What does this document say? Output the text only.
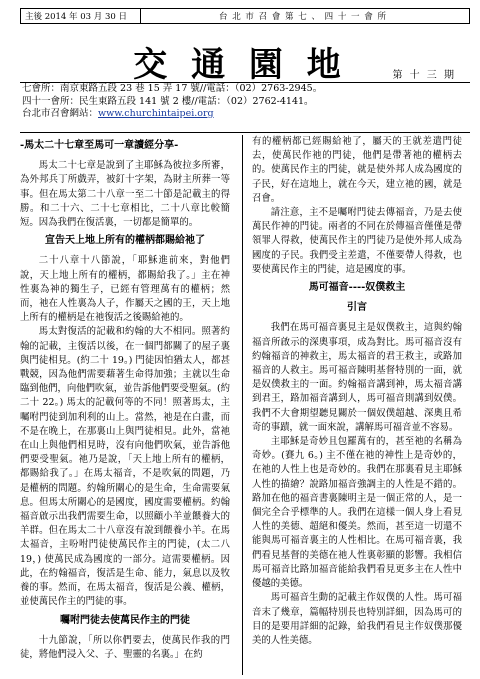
主後 2014 年 03 月 30 日	台 北 市 召 會 第 七 、 四 十 一 會 所
交 通 園 地	第 十 三 期
七會所：南京東路五段 23 巷 15 弄 17 號//電話：（02）2763-2945。
四十一會所：民生東路五段 141 號 2 樓//電話：（02）2762-4141。
台北市召會網站：www.churchintaipei.org
-馬太二十七章至馬可一章讀經分享-

馬太二十七章是說到了主耶穌為彼拉多所審，為外邦兵丁所戲弄，被釘十字架，為財主所葬一等事。但在馬太第二十八章一至二十節是記載主的得勝。和二十六、二十七章相比，二十八章比較簡短。因為我們在復活裏，一切都是簡單的。

宣告天上地上所有的權柄都賜給祂了

二十八章十八節說，「耶穌進前來，對他們說，天上地上所有的權柄，都賜給我了。」主在神性裏為神的獨生子，已經有管理萬有的權柄；然而，祂在人性裏為人子，作屬天之國的王，天上地上所有的權柄是在祂復活之後賜給祂的。

馬太對復活的記載和約翰的大不相同。照著約翰的記載，主復活以後，在一個門都關了的屋子裏與門徒相見。(約二十 19。) 門徒因怕猶太人，都甚戰競，因為他們需要藉著生命得加強；主就以生命臨到他們，向他們吹氣，並告訴他們要受聖氣。(約二十 22。) 馬太的記載何等的不同！照著馬太，主囑咐門徒到加利利的山上。當然，祂是在白畫，而不是在晚上，在那裏山上與門徒相見。此外，當祂在山上與他們相見時，沒有向他們吹氣，並告訴他們要受聖氣。祂乃是說，「天上地上所有的權柄，都賜給我了。」在馬太福音，不是吹氣的問題，乃是權柄的問題。約翰所關心的是生命，生命需要氣息。但馬太所關心的是國度，國度需要權柄。約翰福音啟示出我們需要生命，以照顧小羊並餵養大的羊群。但在馬太二十八章沒有說到餵養小羊。在馬太福音，主吩咐門徒使萬民作主的門徒，(太二八 19，) 使萬民成為國度的一部分。這需要權柄。因此，在約翰福音，復活是生命、能力，氣息以及牧養的事。然而，在馬太福音，復活是公義、權柄，並使萬民作主的門徒的事。

囑咐門徒去使萬民作主的門徒

十九節說，「所以你們要去，使萬民作我的門徒，將他們浸入父、子、聖靈的名裏。」在約

有的權柄都已經賜給祂了，屬天的王就差遣門徒去，使萬民作祂的門徒，他們是帶著祂的權柄去的。使萬民作主的門徒，就是使外邦人成為國度的子民，好在這地上，就在今天，建立祂的國，就是召會。

請注意，主不是囑咐門徒去傳福音，乃是去使萬民作神的門徒。兩者的不同在於傳福音僅僅是帶領罪人得救，使萬民作主的門徒乃是使外邦人成為國度的子民。我們受主差遣，不僅要帶人得救，也要使萬民作主的門徒，這是國度的事。

馬可福音----奴僕救主
引言

我們在馬可福音裏見主是奴僕救主，這與約翰福音所啟示的深奧事項，成為對比。馬可福音沒有約翰福音的神救主，馬太福音的君王救主，或路加福音的人救主。馬可福音陳明基督特別的一面，就是奴僕救主的一面。約翰福音講到神，馬太福音講到君王，路加福音講到人，馬可福音則講到奴僕。我們不大會期望聽見關於一個奴僕超越、深奧且希奇的事蹟，就一面來說，講解馬可福音並不容易。

主耶穌是奇妙且包羅萬有的，甚至祂的名稱為奇妙。(賽九 6。) 主不僅在祂的神性上是奇妙的，在祂的人性上也是奇妙的。我們在那裏看見主耶穌人性的描繪？說路加福音強調主的人性是不錯的。路加在他的福音書裏陳明主是一個正常的人，是一個完全合乎標準的人。我們在這樣一個人身上看見人性的美德、超絕和優美。然而，甚至這一切還不能與馬可福音裏主的人性相比。在馬可福音裏，我們看見基督的美德在祂人性裏彰顯的影響。我相信馬可福音比路加福音能給我們看見更多主在人性中優越的美德。

馬可福音生動的記載主作奴僕的人性。馬可福音末了幾章，篇幅特別長也特別詳細，因為馬可的目的是要用詳細的記錄，給我們看見主作奴僕那優美的人性美德。
